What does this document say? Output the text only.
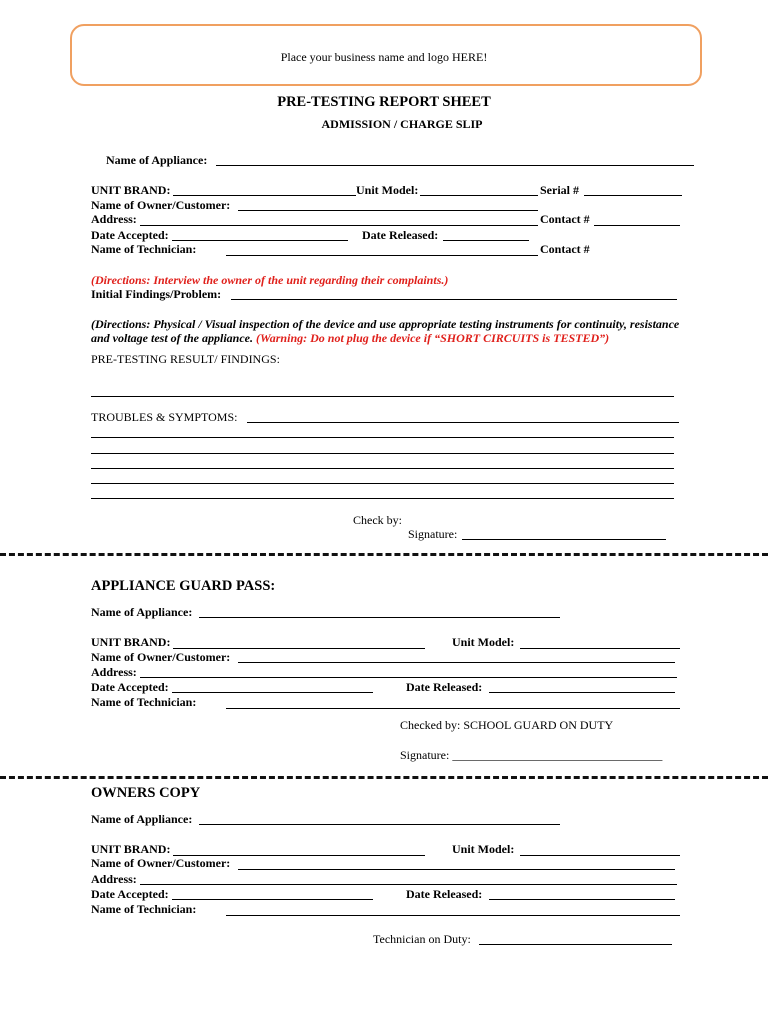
Place your business name and logo HERE!
PRE-TESTING REPORT SHEET
ADMISSION / CHARGE SLIP
Name of Appliance:
UNIT BRAND:	Unit Model:	Serial #
Name of Owner/Customer:
Address:	Contact #
Date Accepted:	Date Released:
Name of Technician:	Contact #
(Directions: Interview the owner of the unit regarding their complaints.)
Initial Findings/Problem:
(Directions: Physical / Visual inspection of the device and use appropriate testing instruments for continuity, resistance
and voltage test of the appliance. (Warning: Do not plug the device if “SHORT CIRCUITS is TESTED”)
PRE-TESTING RESULT/ FINDINGS:
TROUBLES & SYMPTOMS:
Check by:
Signature:
APPLIANCE GUARD PASS:
Name of Appliance:
UNIT BRAND:	Unit Model:
Name of Owner/Customer:
Address:
Date Accepted:	Date Released:
Name of Technician:
Checked by: SCHOOL GUARD ON DUTY
Signature: ___________________________________
OWNERS COPY
Name of Appliance:
UNIT BRAND:	Unit Model:
Name of Owner/Customer:
Address:
Date Accepted:	Date Released:
Name of Technician:
Technician on Duty:
